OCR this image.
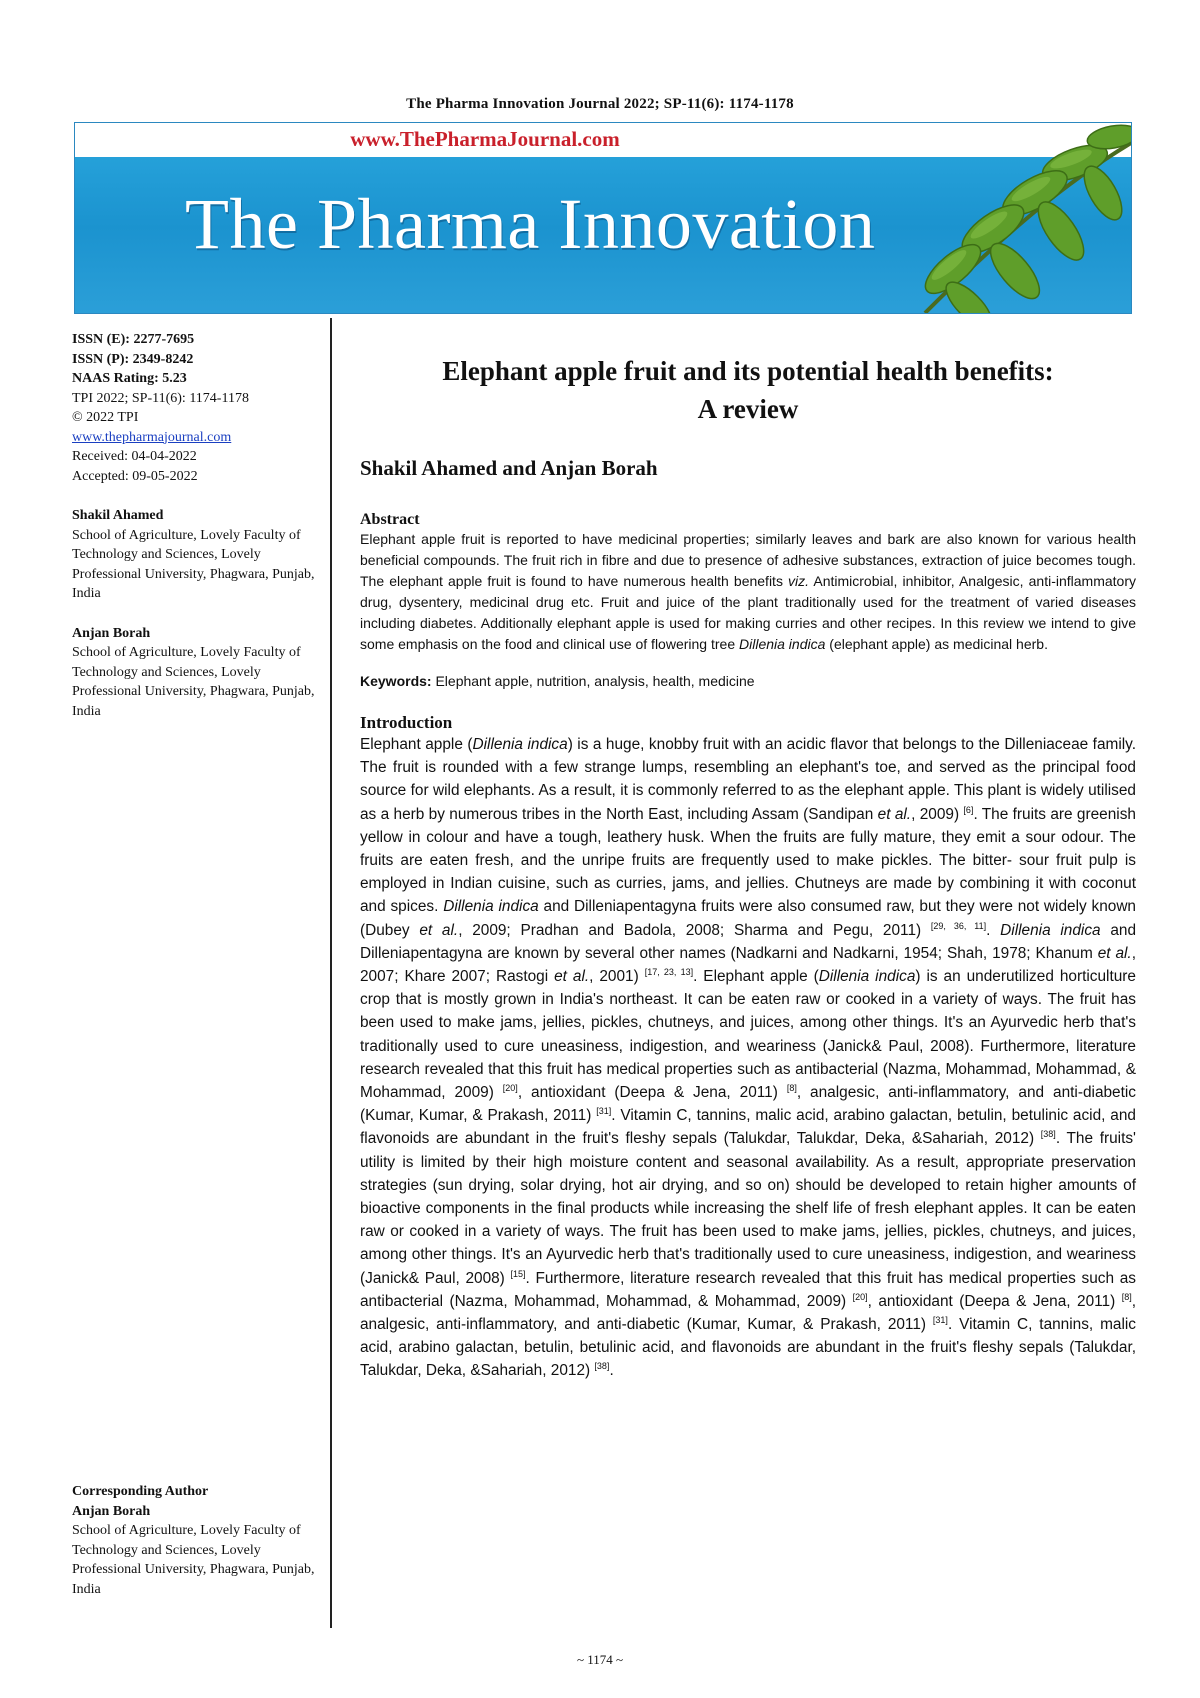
The Pharma Innovation Journal 2022; SP-11(6): 1174-1178
www.ThePharmaJournal.com
The Pharma Innovation
ISSN (E): 2277-7695
ISSN (P): 2349-8242
NAAS Rating: 5.23
TPI 2022; SP-11(6): 1174-1178
© 2022 TPI
www.thepharmajournal.com
Received: 04-04-2022
Accepted: 09-05-2022
Shakil Ahamed
School of Agriculture, Lovely Faculty of Technology and Sciences, Lovely Professional University, Phagwara, Punjab, India
Anjan Borah
School of Agriculture, Lovely Faculty of Technology and Sciences, Lovely Professional University, Phagwara, Punjab, India
Corresponding Author
Anjan Borah
School of Agriculture, Lovely Faculty of Technology and Sciences, Lovely Professional University, Phagwara, Punjab, India
Elephant apple fruit and its potential health benefits:
A review
Shakil Ahamed and Anjan Borah
Abstract

Elephant apple fruit is reported to have medicinal properties; similarly leaves and bark are also known for various health beneficial compounds. The fruit rich in fibre and due to presence of adhesive substances, extraction of juice becomes tough. The elephant apple fruit is found to have numerous health benefits viz. Antimicrobial, inhibitor, Analgesic, anti-inflammatory drug, dysentery, medicinal drug etc. Fruit and juice of the plant traditionally used for the treatment of varied diseases including diabetes. Additionally elephant apple is used for making curries and other recipes. In this review we intend to give some emphasis on the food and clinical use of flowering tree Dillenia indica (elephant apple) as medicinal herb.

Keywords: Elephant apple, nutrition, analysis, health, medicine
Introduction

Elephant apple (Dillenia indica) is a huge, knobby fruit with an acidic flavor that belongs to the Dilleniaceae family. The fruit is rounded with a few strange lumps, resembling an elephant's toe, and served as the principal food source for wild elephants. As a result, it is commonly referred to as the elephant apple. This plant is widely utilised as a herb by numerous tribes in the North East, including Assam (Sandipan et al., 2009) [6]. The fruits are greenish yellow in colour and have a tough, leathery husk. When the fruits are fully mature, they emit a sour odour. The fruits are eaten fresh, and the unripe fruits are frequently used to make pickles. The bitter- sour fruit pulp is employed in Indian cuisine, such as curries, jams, and jellies. Chutneys are made by combining it with coconut and spices. Dillenia indica and Dilleniapentagyna fruits were also consumed raw, but they were not widely known (Dubey et al., 2009; Pradhan and Badola, 2008; Sharma and Pegu, 2011) [29, 36, 11]. Dillenia indica and Dilleniapentagyna are known by several other names (Nadkarni and Nadkarni, 1954; Shah, 1978; Khanum et al., 2007; Khare 2007; Rastogi et al., 2001) [17, 23, 13]. Elephant apple (Dillenia indica) is an underutilized horticulture crop that is mostly grown in India's northeast. It can be eaten raw or cooked in a variety of ways. The fruit has been used to make jams, jellies, pickles, chutneys, and juices, among other things. It's an Ayurvedic herb that's traditionally used to cure uneasiness, indigestion, and weariness (Janick& Paul, 2008). Furthermore, literature research revealed that this fruit has medical properties such as antibacterial (Nazma, Mohammad, Mohammad, & Mohammad, 2009) [20], antioxidant (Deepa & Jena, 2011) [8], analgesic, anti-inflammatory, and anti-diabetic (Kumar, Kumar, & Prakash, 2011) [31]. Vitamin C, tannins, malic acid, arabino galactan, betulin, betulinic acid, and flavonoids are abundant in the fruit's fleshy sepals (Talukdar, Talukdar, Deka, &Sahariah, 2012) [38]. The fruits' utility is limited by their high moisture content and seasonal availability. As a result, appropriate preservation strategies (sun drying, solar drying, hot air drying, and so on) should be developed to retain higher amounts of bioactive components in the final products while increasing the shelf life of fresh elephant apples. It can be eaten raw or cooked in a variety of ways. The fruit has been used to make jams, jellies, pickles, chutneys, and juices, among other things. It's an Ayurvedic herb that's traditionally used to cure uneasiness, indigestion, and weariness (Janick& Paul, 2008) [15]. Furthermore, literature research revealed that this fruit has medical properties such as antibacterial (Nazma, Mohammad, Mohammad, & Mohammad, 2009) [20], antioxidant (Deepa & Jena, 2011) [8], analgesic, anti-inflammatory, and anti-diabetic (Kumar, Kumar, & Prakash, 2011) [31]. Vitamin C, tannins, malic acid, arabino galactan, betulin, betulinic acid, and flavonoids are abundant in the fruit's fleshy sepals (Talukdar, Talukdar, Deka, &Sahariah, 2012) [38].

~ 1174 ~
